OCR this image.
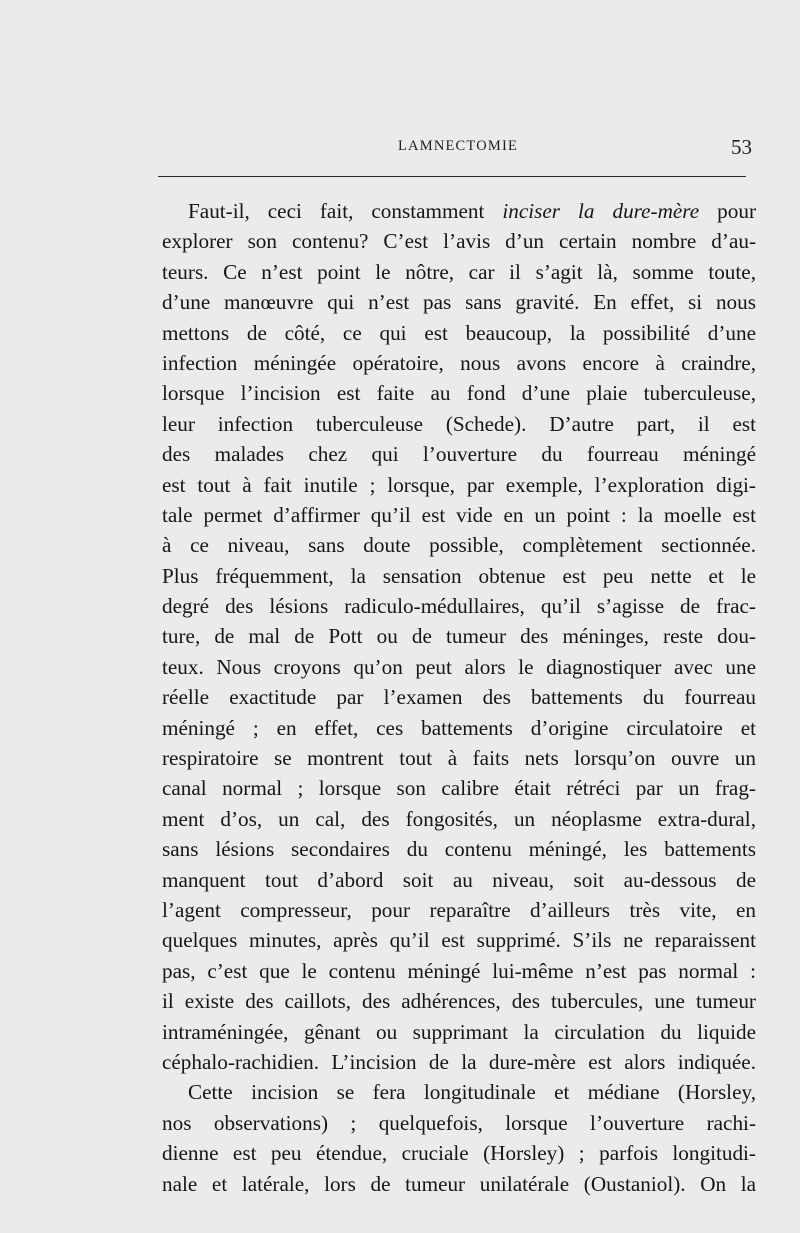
LAMNECTOMIE	53
Faut-il, ceci fait, constamment inciser la dure-mère pour
explorer son contenu? C’est l’avis d’un certain nombre d’au-
teurs. Ce n’est point le nôtre, car il s’agit là, somme toute,
d’une manœuvre qui n’est pas sans gravité. En effet, si nous
mettons de côté, ce qui est beaucoup, la possibilité d’une
infection méningée opératoire, nous avons encore à craindre,
lorsque l’incision est faite au fond d’une plaie tuberculeuse,
leur infection tuberculeuse (Schede). D’autre part, il est
des malades chez qui l’ouverture du fourreau méningé
est tout à fait inutile ; lorsque, par exemple, l’exploration digi-
tale permet d’affirmer qu’il est vide en un point : la moelle est
à ce niveau, sans doute possible, complètement sectionnée.
Plus fréquemment, la sensation obtenue est peu nette et le
degré des lésions radiculo-médullaires, qu’il s’agisse de frac-
ture, de mal de Pott ou de tumeur des méninges, reste dou-
teux. Nous croyons qu’on peut alors le diagnostiquer avec une
réelle exactitude par l’examen des battements du fourreau
méningé ; en effet, ces battements d’origine circulatoire et
respiratoire se montrent tout à faits nets lorsqu’on ouvre un
canal normal ; lorsque son calibre était rétréci par un frag-
ment d’os, un cal, des fongosités, un néoplasme extra-dural,
sans lésions secondaires du contenu méningé, les battements
manquent tout d’abord soit au niveau, soit au-dessous de
l’agent compresseur, pour reparaître d’ailleurs très vite, en
quelques minutes, après qu’il est supprimé. S’ils ne reparaissent
pas, c’est que le contenu méningé lui-même n’est pas normal :
il existe des caillots, des adhérences, des tubercules, une tumeur
intraméningée, gênant ou supprimant la circulation du liquide
céphalo-rachidien. L’incision de la dure-mère est alors indiquée.
Cette incision se fera longitudinale et médiane (Horsley,
nos observations) ; quelquefois, lorsque l’ouverture rachi-
dienne est peu étendue, cruciale (Horsley) ; parfois longitudi-
nale et latérale, lors de tumeur unilatérale (Oustaniol). On la
